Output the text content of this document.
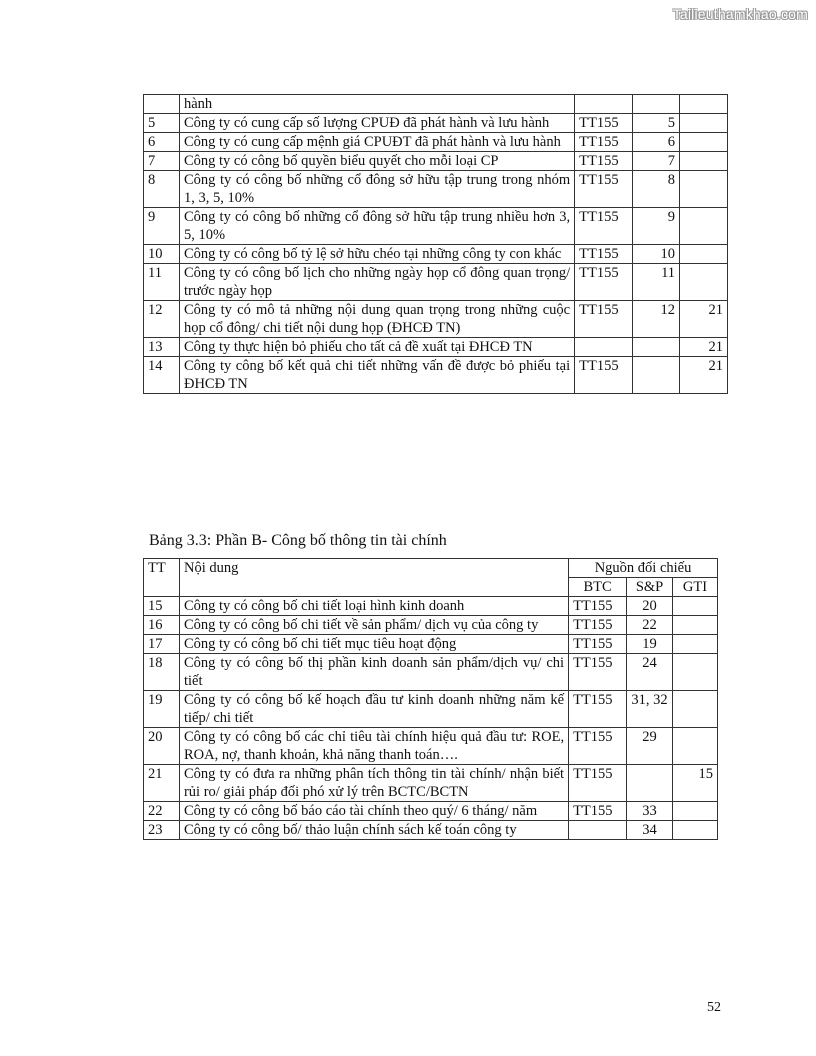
Tailieuthamkhao.com
	hành			
5	Công ty có cung cấp số lượng CPUĐ đã phát hành và lưu hành	TT155	5	
6	Công ty có cung cấp mệnh giá CPUĐT đã phát hành và lưu hành	TT155	6	
7	Công ty có công bố quyền biểu quyết cho mỗi loại CP	TT155	7	
8	Công ty có công bố những cổ đông sở hữu tập trung trong nhóm 1, 3, 5, 10%	TT155	8	
9	Công ty có công bố những cổ đông sở hữu tập trung nhiều hơn 3, 5, 10%	TT155	9	
10	Công ty có công bố tỷ lệ sở hữu chéo tại những công ty con khác	TT155	10	
11	Công ty có công bố lịch cho những ngày họp cổ đông quan trọng/ trước ngày họp	TT155	11	
12	Công ty có mô tả những nội dung quan trọng trong những cuộc họp cổ đông/ chi tiết nội dung họp (ĐHCĐ TN)	TT155	12	21
13	Công ty thực hiện bỏ phiếu cho tất cả đề xuất tại ĐHCĐ TN			21
14	Công ty công bố kết quả chi tiết những vấn đề được bỏ phiếu tại ĐHCĐ TN	TT155		21
Bảng 3.3: Phần B- Công bố thông tin tài chính
TT	Nội dung	Nguồn đối chiếu		
		BTC	S&P	GTI
15	Công ty có công bố chi tiết loại hình kinh doanh	TT155	20	
16	Công ty có công bố chi tiết về sản phẩm/ dịch vụ của công ty	TT155	22	
17	Công ty có công bố chi tiết mục tiêu hoạt động	TT155	19	
18	Công ty có công bố thị phần kinh doanh sản phẩm/dịch vụ/ chi tiết	TT155	24	
19	Công ty có công bố kế hoạch đầu tư kinh doanh những năm kế tiếp/ chi tiết	TT155	31, 32	
20	Công ty có công bố các chỉ tiêu tài chính hiệu quả đầu tư: ROE, ROA, nợ, thanh khoản, khả năng thanh toán….	TT155	29	
21	Công ty có đưa ra những phân tích thông tin tài chính/ nhận biết rủi ro/ giải pháp đối phó xử lý trên BCTC/BCTN	TT155		15
22	Công ty có công bố báo cáo tài chính theo quý/ 6 tháng/ năm	TT155	33	
23	Công ty có công bố/ thảo luận chính sách kế toán công ty		34	
52
